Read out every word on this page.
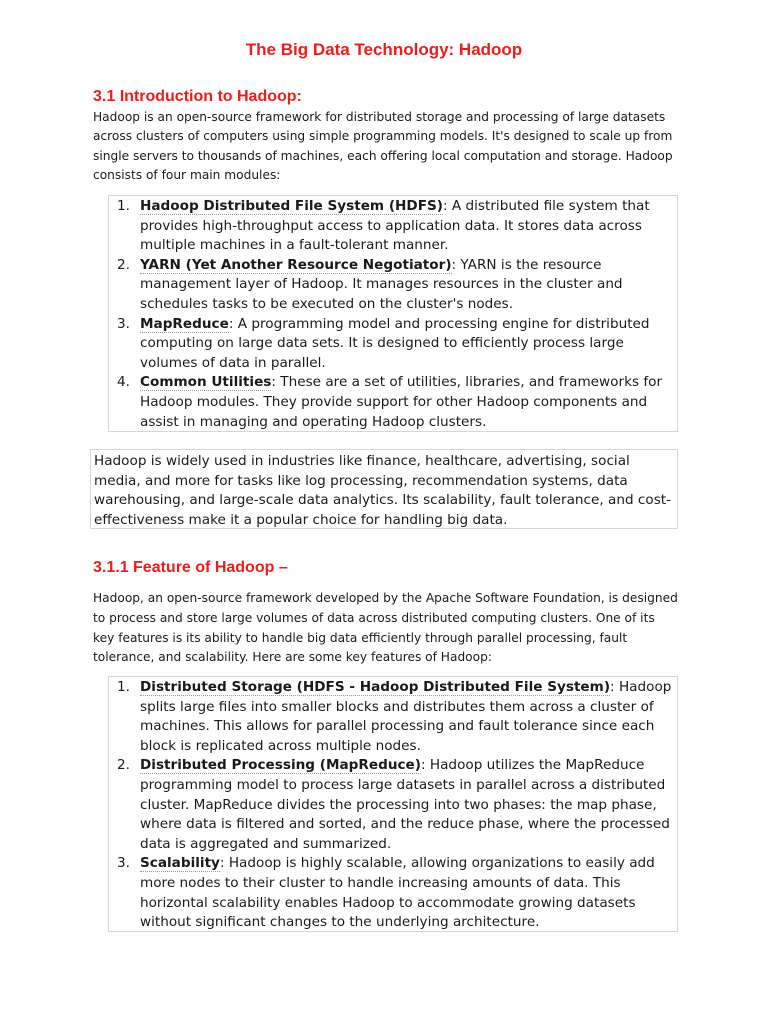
The Big Data Technology: Hadoop
3.1 Introduction to Hadoop:

Hadoop is an open-source framework for distributed storage and processing of large datasets across clusters of computers using simple programming models. It's designed to scale up from single servers to thousands of machines, each offering local computation and storage. Hadoop consists of four main modules:

1. Hadoop Distributed File System (HDFS): A distributed file system that provides high-throughput access to application data. It stores data across multiple machines in a fault-tolerant manner.
2. YARN (Yet Another Resource Negotiator): YARN is the resource management layer of Hadoop. It manages resources in the cluster and schedules tasks to be executed on the cluster's nodes.
3. MapReduce: A programming model and processing engine for distributed computing on large data sets. It is designed to efficiently process large volumes of data in parallel.
4. Common Utilities: These are a set of utilities, libraries, and frameworks for Hadoop modules. They provide support for other Hadoop components and assist in managing and operating Hadoop clusters.

Hadoop is widely used in industries like finance, healthcare, advertising, social media, and more for tasks like log processing, recommendation systems, data warehousing, and large-scale data analytics. Its scalability, fault tolerance, and cost-effectiveness make it a popular choice for handling big data.

3.1.1 Feature of Hadoop –

Hadoop, an open-source framework developed by the Apache Software Foundation, is designed to process and store large volumes of data across distributed computing clusters. One of its key features is its ability to handle big data efficiently through parallel processing, fault tolerance, and scalability. Here are some key features of Hadoop:

1. Distributed Storage (HDFS - Hadoop Distributed File System): Hadoop splits large files into smaller blocks and distributes them across a cluster of machines. This allows for parallel processing and fault tolerance since each block is replicated across multiple nodes.
2. Distributed Processing (MapReduce): Hadoop utilizes the MapReduce programming model to process large datasets in parallel across a distributed cluster. MapReduce divides the processing into two phases: the map phase, where data is filtered and sorted, and the reduce phase, where the processed data is aggregated and summarized.
3. Scalability: Hadoop is highly scalable, allowing organizations to easily add more nodes to their cluster to handle increasing amounts of data. This horizontal scalability enables Hadoop to accommodate growing datasets without significant changes to the underlying architecture.
